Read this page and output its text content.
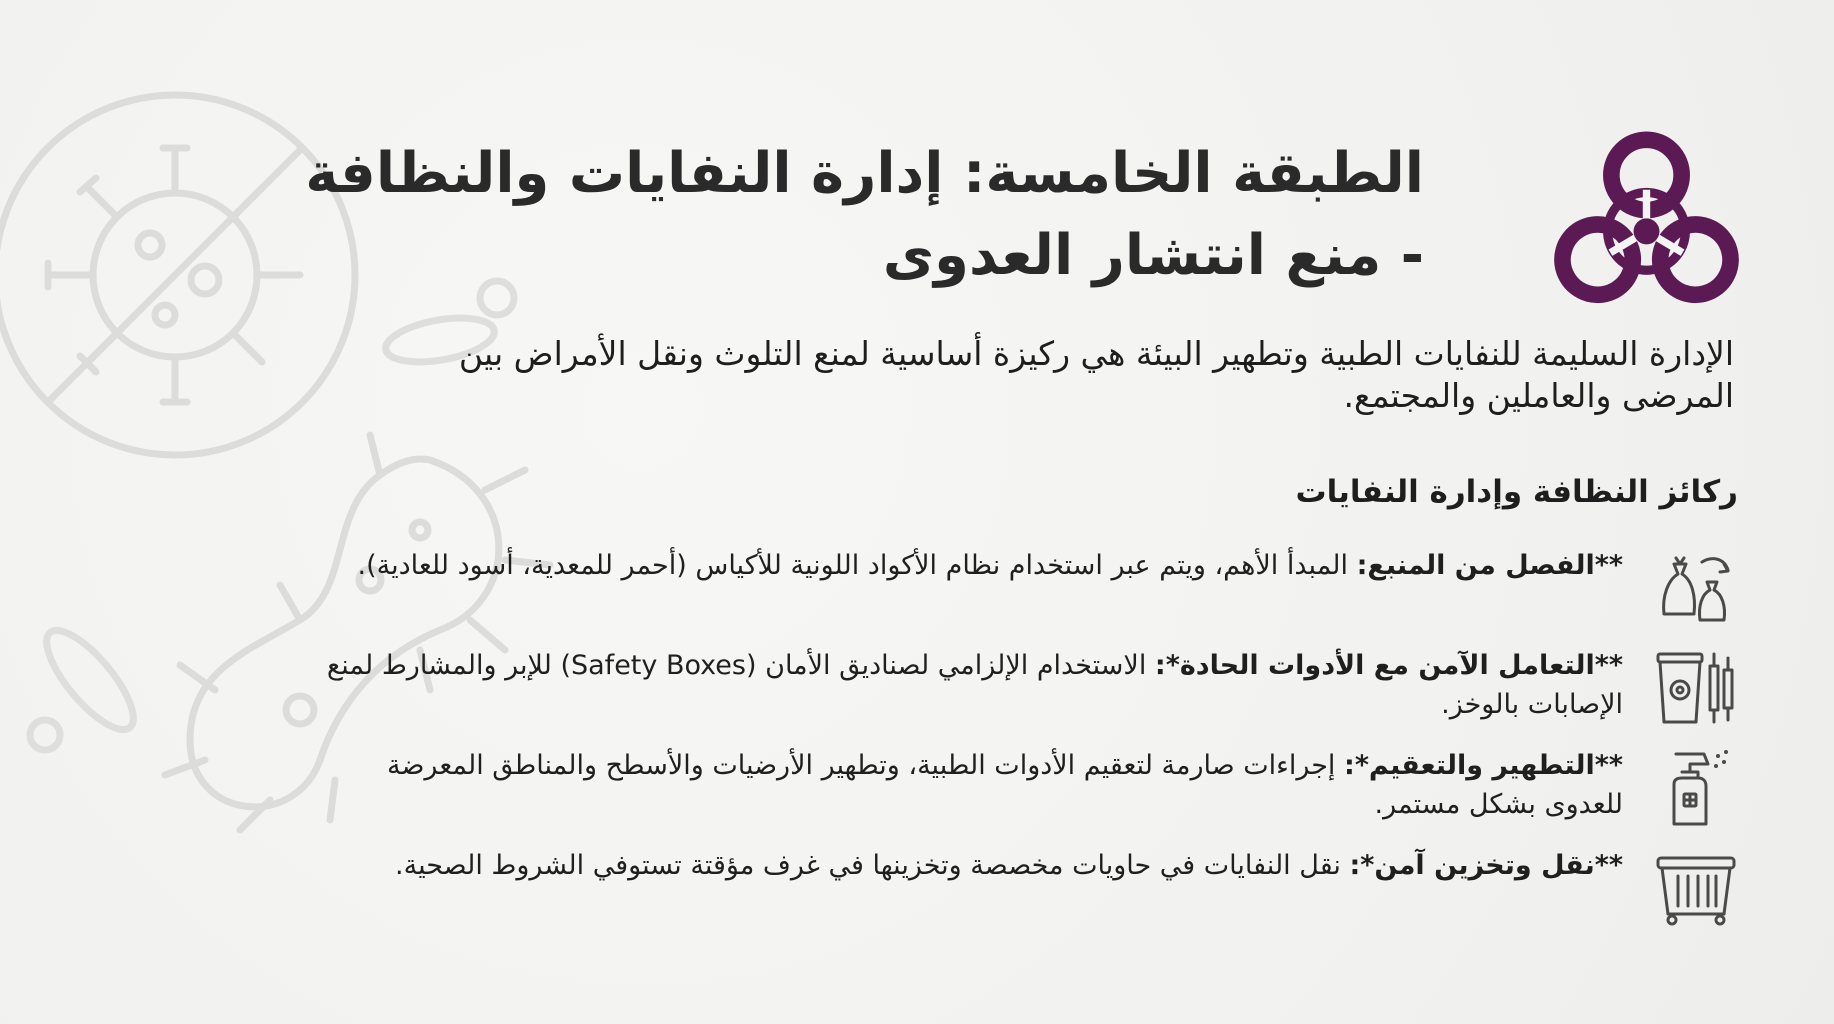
الطبقة الخامسة: إدارة النفايات والنظافة - منع انتشار العدوى

الإدارة السليمة للنفايات الطبية وتطهير البيئة هي ركيزة أساسية لمنع التلوث ونقل الأمراض بين المرضى والعاملين والمجتمع.

ركائز النظافة وإدارة النفايات

**الفصل من المنبع: المبدأ الأهم، ويتم عبر استخدام نظام الأكواد اللونية للأكياس (أحمر للمعدية، أسود للعادية).

**التعامل الآمن مع الأدوات الحادة*: الاستخدام الإلزامي لصناديق الأمان (Safety Boxes) للإبر والمشارط لمنع الإصابات بالوخز.

**التطهير والتعقيم*: إجراءات صارمة لتعقيم الأدوات الطبية، وتطهير الأرضيات والأسطح والمناطق المعرضة للعدوى بشكل مستمر.

**نقل وتخزين آمن*: نقل النفايات في حاويات مخصصة وتخزينها في غرف مؤقتة تستوفي الشروط الصحية.
